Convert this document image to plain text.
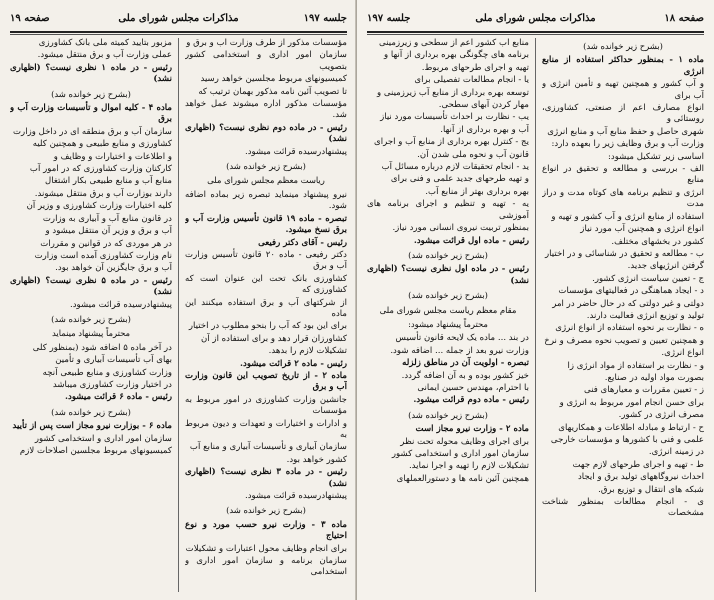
صفحه ۱۹	مذاکرات مجلس شورای ملی	جلسه ۱۹۷

مؤسسات مذکور از طرف وزارت آب و برق و

سازمان امور اداری و استخدامی کشور بتصویب

کمیسیونهای مربوط مجلسین خواهد رسید

تا تصویب آئین نامه مذکور بهمان ترتیب که

مؤسسات مذکور اداره میشوند عمل خواهد شد.

رئیس - در ماده دوم نظری نیست؟ (اظهاری نشد)

پیشنهادرسیده قرائت میشود.

(بشرح زیر خوانده شد)

ریاست معظم مجلس شورای ملی

نیرو پیشنهاد مینماید تبصره زیر بماده اضافه شود.

تبصره - ماده ۱۹ قانون تأسیس وزارت آب و برق نسخ میشود.

رئیس - آقای دکتر رفیعی

دکتر رفیعی - ماده ۲۰ قانون تأسیس وزارت آب و برق

کشاورزی بانک تحت این عنوان است که کشاورزی که

از شرکتهای آب و برق استفاده میکنند این ماده

برای این بود که آب را بنحو مطلوب در اختیار

کشاورزان قرار دهد و برای استفاده از آن

تشکیلات لازم را بدهد.

رئیس - ماده ۲ قرائت میشود.

ماده ۲ - از تاریخ تصویب این قانون وزارت آب و برق

جانشین وزارت کشاورزی در امور مربوط به مؤسسات

و ادارات و اختیارات و تعهدات و دیون مربوط به

سازمان آبیاری و تأسیسات آبیاری و منابع آب

کشور خواهد بود.

رئیس - در ماده ۳ نظری نیست؟ (اظهاری نشد)

پیشنهادرسیده قرائت میشود.

(بشرح زیر خوانده شد)

ماده ۳ - وزارت نیرو حسب مورد و نوع احتیاج

برای انجام وظایف محول اعتبارات و تشکیلات

سازمان برنامه و سازمان امور اداری و استخدامی

مزبور بتأیید کمیته ملی بانک کشاورزی

عملی وزارت آب و برق منتقل میشود.

رئیس - در ماده ۱ نظری نیست؟ (اظهاری نشد)

(بشرح زیر خوانده شد)

ماده ۴ - کلیه اموال و تأسیسات وزارت آب و برق

سازمان آب و برق منطقه ای در داخل وزارت

کشاورزی و منابع طبیعی و همچنین کلیه

و اطلاعات و اختیارات و وظایف و

کارکنان وزارت کشاورزی که در امور آب

منابع آب و منابع طبیعی بکار اشتغال

دارند بوزارت آب و برق منتقل میشوند.

کلیه اختیارات وزارت کشاورزی و وزیر آن

در قانون منابع آب و آبیاری به وزارت

آب و برق و وزیر آن منتقل میشود و

در هر موردی که در قوانین و مقررات

نام وزارت کشاورزی آمده است وزارت

آب و برق جایگزین آن خواهد بود.

رئیس - در ماده ۵ نظری نیست؟ (اظهاری نشد)

پیشنهادرسیده قرائت میشود.

(بشرح زیر خوانده شد)

محترماً پیشنهاد مینماید

در آخر ماده ۵ اضافه شود (بمنظور کلی

بهای آب تأسیسات آبیاری و تأمین

وزارت کشاورزی و منابع طبیعی آنچه

در اختیار وزارت کشاورزی میباشد

رئیس - ماده ۶ قرائت میشود.

(بشرح زیر خوانده شد)

ماده ۶ - بوزارت نیرو مجاز است پس از تأیید

سازمان امور اداری و استخدامی کشور

کمیسیونهای مربوط مجلسین اصلاحات لازم

صفحه ۱۸
مذاکرات مجلس شورای ملی
جلسه ۱۹۷

(بشرح زیر خوانده شد)

ماده ۱ - بمنظور حداکثر استفاده از منابع انرژی

و آب کشور و همچنین تهیه و تأمین انرژی و آب برای

انواع مصارف اعم از صنعتی، کشاورزی، روستائی و

شهری حاصل و حفظ منابع آب و منابع انرژی

وزارت آب و برق وظایف زیر را بعهده دارد:

اساسی زیر تشکیل میشود:

الف - بررسی و مطالعه و تحقیق در انواع منابع

انرژی و تنظیم برنامه های کوتاه مدت و دراز مدت

استفاده از منابع انرژی و آب کشور و تهیه و

انواع انرژی و همچنین آب مورد نیاز

کشور در بخشهای مختلف.

ب - مطالعه و تحقیق در شناسائی و در اختیار

گرفتن انرژیهای جدید.

ج - تعیین سیاست انرژی کشور.

د - ایجاد هماهنگی در فعالیتهای مؤسسات

دولتی و غیر دولتی که در حال حاضر در امر

تولید و توزیع انرژی فعالیت دارند.

ه - نظارت بر نحوه استفاده از انواع انرژی

و همچنین تعیین و تصویب نحوه مصرف و نرخ

انواع انرژی.

و - نظارت بر استفاده از مواد انرژی زا

بصورت مواد اولیه در صنایع.

ز - تعیین مقررات و معیارهای فنی

برای حسن انجام امور مربوط به انرژی و

مصرف انرژی در کشور.

ح - ارتباط و مبادله اطلاعات و همکاریهای

علمی و فنی با کشورها و مؤسسات خارجی

در زمینه انرژی.

ط - تهیه و اجرای طرحهای لازم جهت

احداث نیروگاههای تولید برق و ایجاد

شبکه های انتقال و توزیع برق.

ی - انجام مطالعات بمنظور شناخت مشخصات

منابع آب کشور اعم از سطحی و زیرزمینی

برنامه های چگونگی بهره برداری از آنها و

تهیه و اجرای طرحهای مربوط.

یا - انجام مطالعات تفصیلی برای

توسعه بهره برداری از منابع آب زیرزمینی و

مهار کردن آبهای سطحی.

یب - نظارت بر احداث تأسیسات مورد نیاز

آب و بهره برداری از آنها.

یج - کنترل بهره برداری از منابع آب و اجرای

قانون آب و نحوه ملی شدن آن.

ید - انجام تحقیقات لازم درباره مسائل آب

و تهیه طرحهای جدید علمی و فنی برای

بهره برداری بهتر از منابع آب.

یه - تهیه و تنظیم و اجرای برنامه های آموزشی

بمنظور تربیت نیروی انسانی مورد نیاز.

رئیس - ماده اول قرائت میشود.

(بشرح زیر خوانده شد)

رئیس - در ماده اول نظری نیست؟ (اظهاری نشد)

(بشرح زیر خوانده شد)

مقام معظم ریاست مجلس شورای ملی

محترماً پیشنهاد میشود:

در بند ... ماده یک لایحه قانون تأسیس

وزارت نیرو بعد از جمله ... اضافه شود.

تبصره - اولویت آن در مناطق زلزله

خیز کشور بوده و به آن اضافه گردد.

با احترام، مهندس حسین ایمانی

رئیس - ماده دوم قرائت میشود.

(بشرح زیر خوانده شد)

ماده ۲ - وزارت نیرو مجاز است

برای اجرای وظایف محوله تحت نظر

سازمان امور اداری و استخدامی کشور

تشکیلات لازم را تهیه و اجرا نماید.

همچنین آئین نامه ها و دستورالعملهای
